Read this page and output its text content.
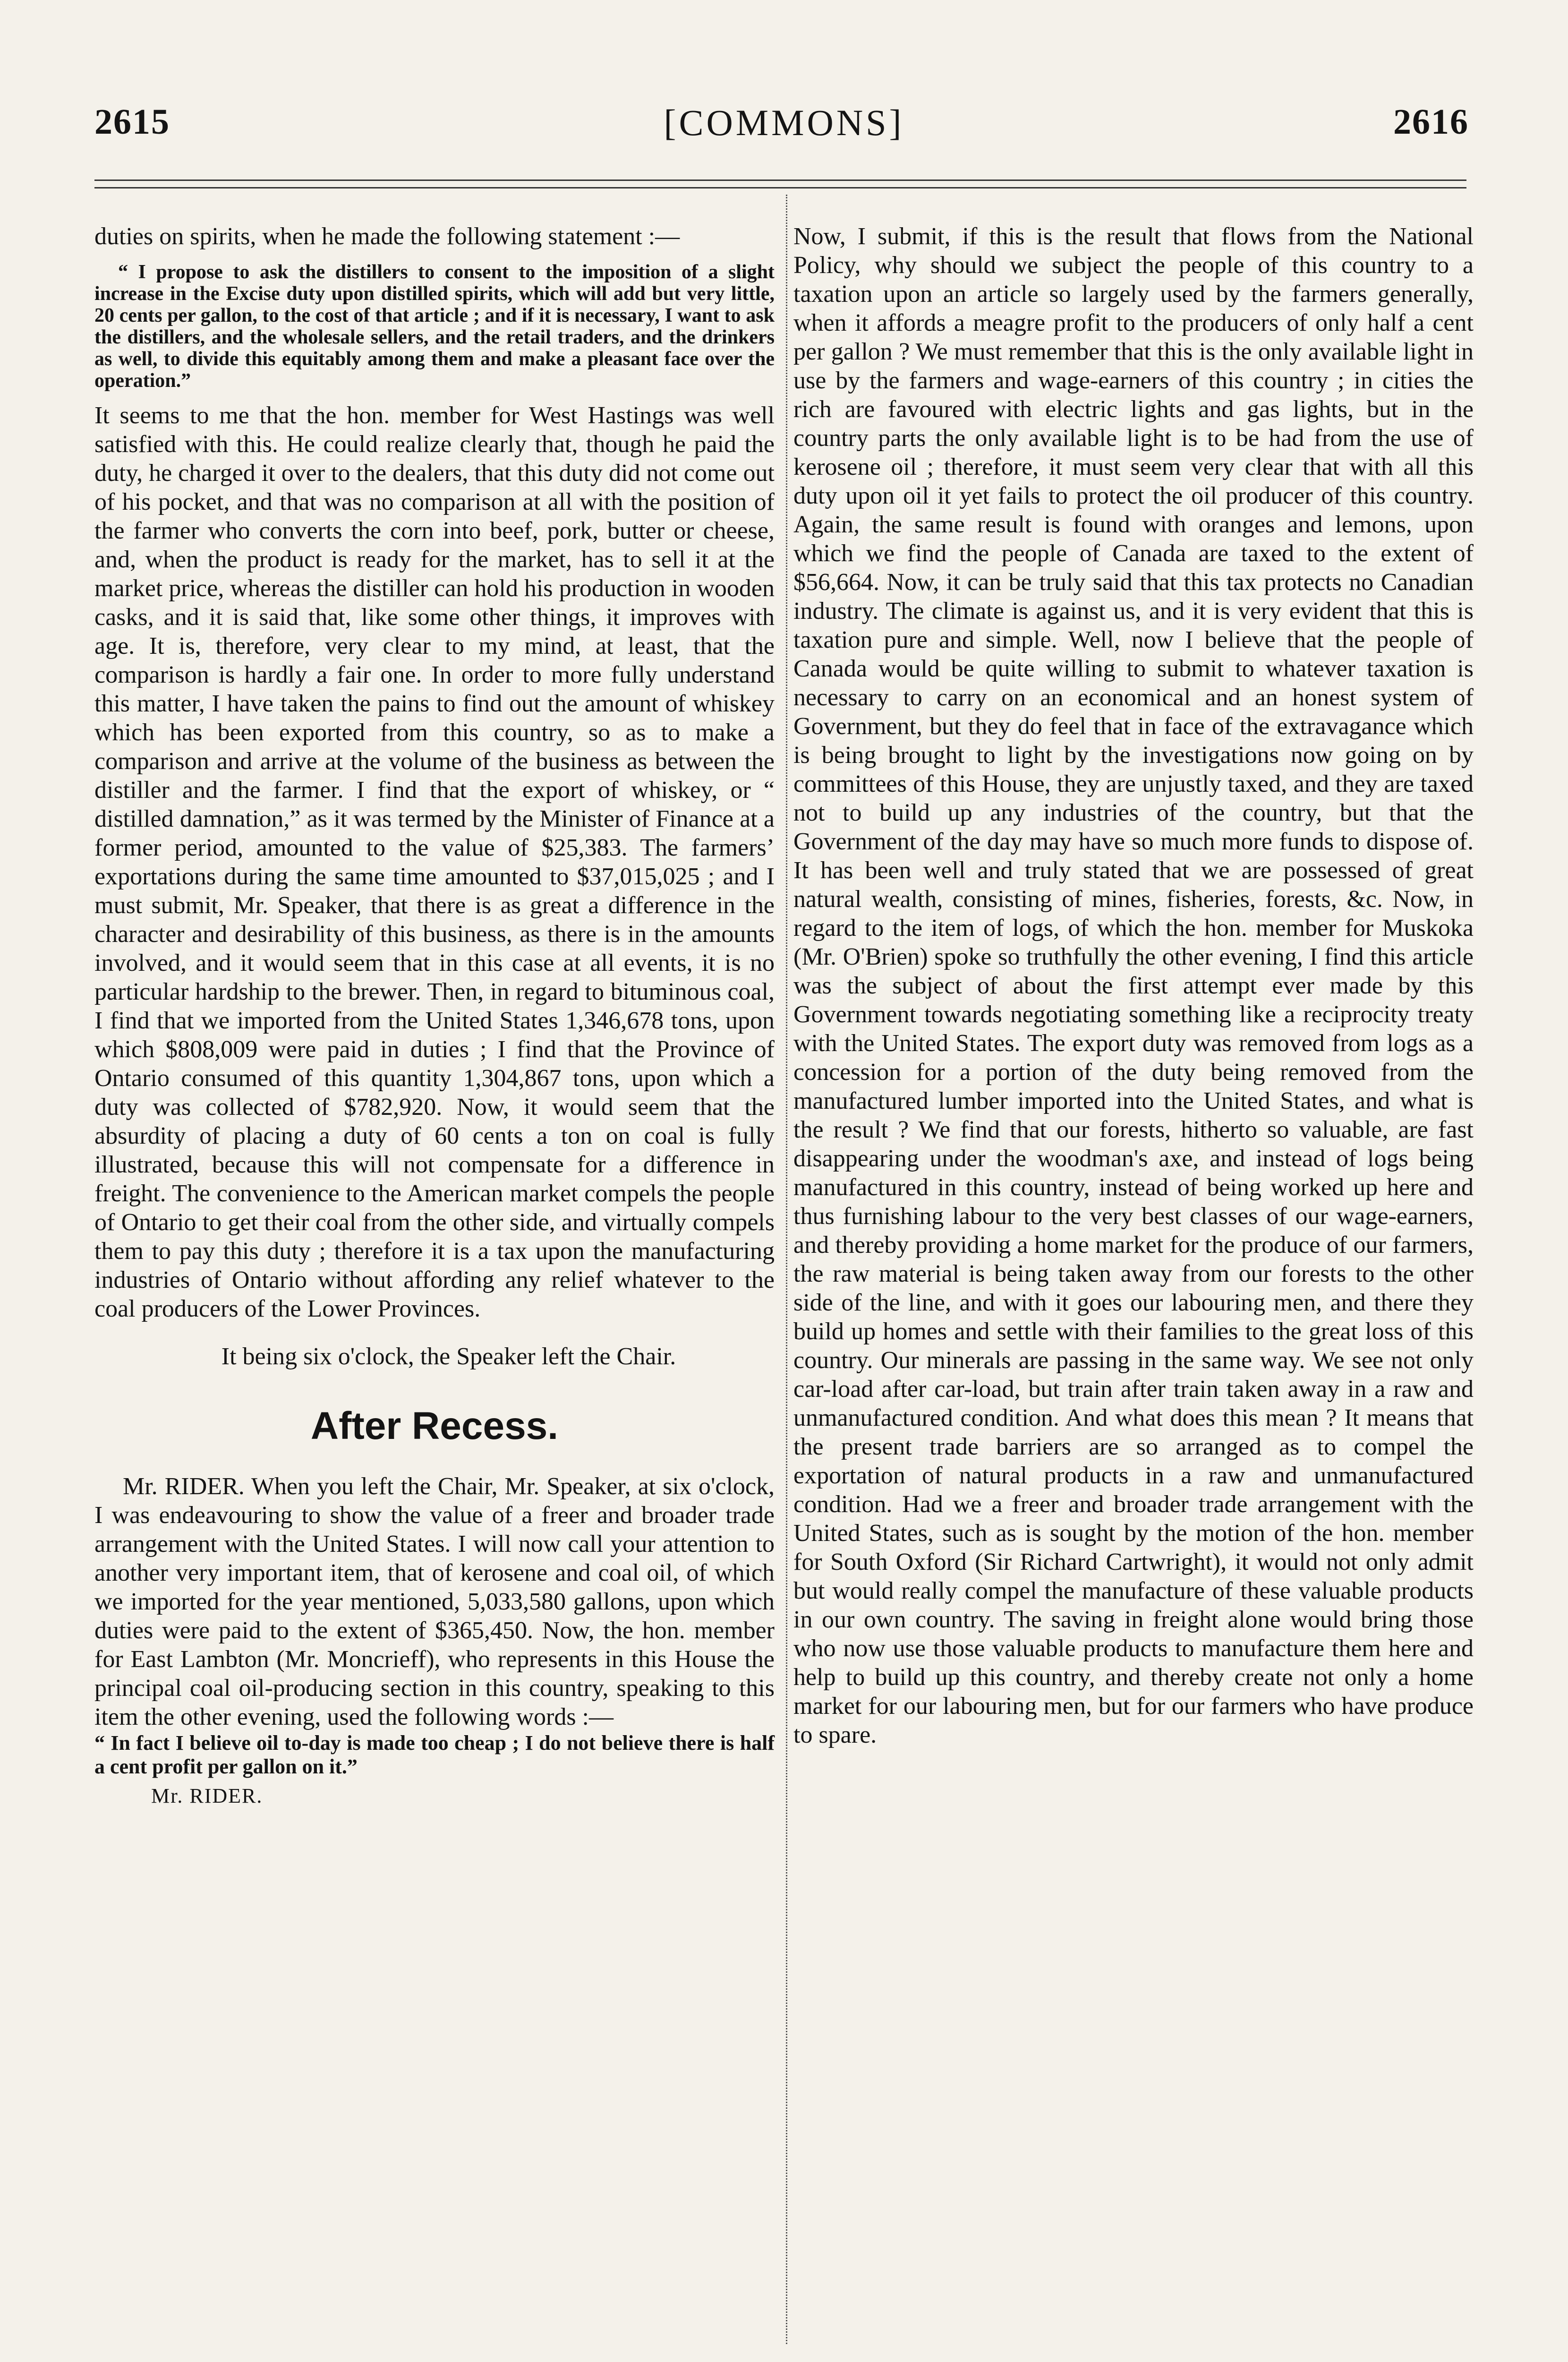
2615	[COMMONS]	2616

duties on spirits, when he made the following statement :—

“ I propose to ask the distillers to consent to the imposition of a slight increase in the Excise duty upon distilled spirits, which will add but very little, 20 cents per gallon, to the cost of that article ; and if it is necessary, I want to ask the distillers, and the wholesale sellers, and the retail traders, and the drinkers as well, to divide this equitably among them and make a pleasant face over the operation.”

It seems to me that the hon. member for West Hastings was well satisfied with this. He could realize clearly that, though he paid the duty, he charged it over to the dealers, that this duty did not come out of his pocket, and that was no comparison at all with the position of the farmer who converts the corn into beef, pork, butter or cheese, and, when the product is ready for the market, has to sell it at the market price, whereas the distiller can hold his production in wooden casks, and it is said that, like some other things, it improves with age. It is, therefore, very clear to my mind, at least, that the comparison is hardly a fair one. In order to more fully understand this matter, I have taken the pains to find out the amount of whiskey which has been exported from this country, so as to make a comparison and arrive at the volume of the business as between the distiller and the farmer. I find that the export of whiskey, or “ distilled damnation,” as it was termed by the Minister of Finance at a former period, amounted to the value of $25,383. The farmers’ exportations during the same time amounted to $37,015,025 ; and I must submit, Mr. Speaker, that there is as great a difference in the character and desirability of this business, as there is in the amounts involved, and it would seem that in this case at all events, it is no particular hardship to the brewer. Then, in regard to bituminous coal, I find that we imported from the United States 1,346,678 tons, upon which $808,009 were paid in duties ; I find that the Province of Ontario consumed of this quantity 1,304,867 tons, upon which a duty was collected of $782,920. Now, it would seem that the absurdity of placing a duty of 60 cents a ton on coal is fully illustrated, because this will not compensate for a difference in freight. The convenience to the American market compels the people of Ontario to get their coal from the other side, and virtually compels them to pay this duty ; therefore it is a tax upon the manufacturing industries of Ontario without affording any relief whatever to the coal producers of the Lower Provinces.

It being six o'clock, the Speaker left the Chair.

After Recess.

Mr. RIDER. When you left the Chair, Mr. Speaker, at six o'clock, I was endeavouring to show the value of a freer and broader trade arrangement with the United States. I will now call your attention to another very important item, that of kerosene and coal oil, of which we imported for the year mentioned, 5,033,580 gallons, upon which duties were paid to the extent of $365,450. Now, the hon. member for East Lambton (Mr. Moncrieff), who represents in this House the principal coal oil-producing section in this country, speaking to this item the other evening, used the following words :—

“ In fact I believe oil to-day is made too cheap ; I do not believe there is half a cent profit per gallon on it.”

Mr. RIDER.

Now, I submit, if this is the result that flows from the National Policy, why should we subject the people of this country to a taxation upon an article so largely used by the farmers generally, when it affords a meagre profit to the producers of only half a cent per gallon ? We must remember that this is the only available light in use by the farmers and wage-earners of this country ; in cities the rich are favoured with electric lights and gas lights, but in the country parts the only available light is to be had from the use of kerosene oil ; therefore, it must seem very clear that with all this duty upon oil it yet fails to protect the oil producer of this country. Again, the same result is found with oranges and lemons, upon which we find the people of Canada are taxed to the extent of $56,664. Now, it can be truly said that this tax protects no Canadian industry. The climate is against us, and it is very evident that this is taxation pure and simple. Well, now I believe that the people of Canada would be quite willing to submit to whatever taxation is necessary to carry on an economical and an honest system of Government, but they do feel that in face of the extravagance which is being brought to light by the investigations now going on by committees of this House, they are unjustly taxed, and they are taxed not to build up any industries of the country, but that the Government of the day may have so much more funds to dispose of. It has been well and truly stated that we are possessed of great natural wealth, consisting of mines, fisheries, forests, &c. Now, in regard to the item of logs, of which the hon. member for Muskoka (Mr. O'Brien) spoke so truthfully the other evening, I find this article was the subject of about the first attempt ever made by this Government towards negotiating something like a reciprocity treaty with the United States. The export duty was removed from logs as a concession for a portion of the duty being removed from the manufactured lumber imported into the United States, and what is the result ? We find that our forests, hitherto so valuable, are fast disappearing under the woodman's axe, and instead of logs being manufactured in this country, instead of being worked up here and thus furnishing labour to the very best classes of our wage-earners, and thereby providing a home market for the produce of our farmers, the raw material is being taken away from our forests to the other side of the line, and with it goes our labouring men, and there they build up homes and settle with their families to the great loss of this country. Our minerals are passing in the same way. We see not only car-load after car-load, but train after train taken away in a raw and unmanufactured condition. And what does this mean ? It means that the present trade barriers are so arranged as to compel the exportation of natural products in a raw and unmanufactured condition. Had we a freer and broader trade arrangement with the United States, such as is sought by the motion of the hon. member for South Oxford (Sir Richard Cartwright), it would not only admit but would really compel the manufacture of these valuable products in our own country. The saving in freight alone would bring those who now use those valuable products to manufacture them here and help to build up this country, and thereby create not only a home market for our labouring men, but for our farmers who have produce to spare.
